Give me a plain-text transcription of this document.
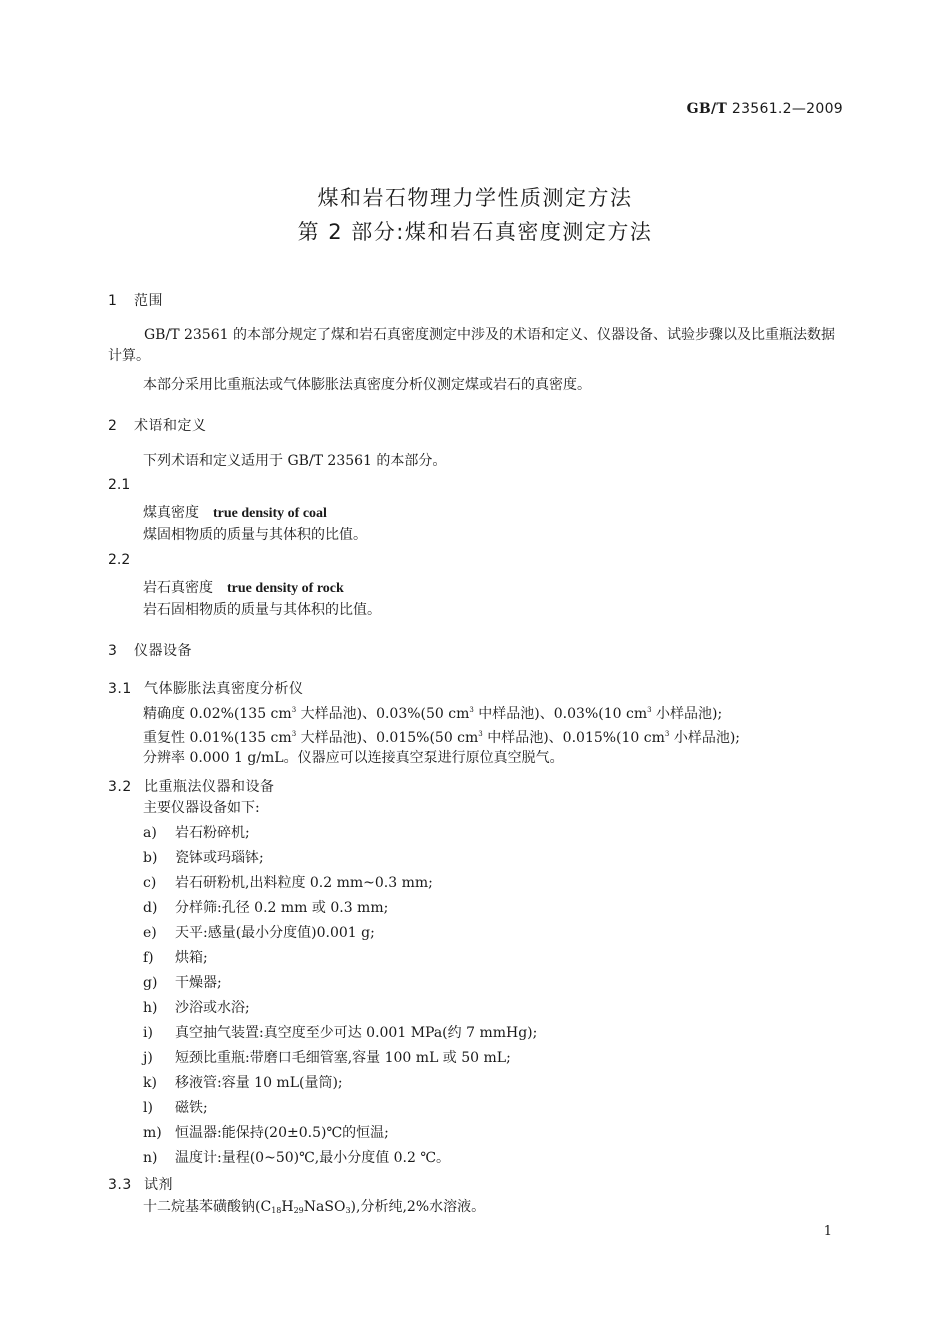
GB/T 23561.2—2009
煤和岩石物理力学性质测定方法
第 2 部分:煤和岩石真密度测定方法
1 范围
GB/T 23561 的本部分规定了煤和岩石真密度测定中涉及的术语和定义、仪器设备、试验步骤以及比重瓶法数据计算。
本部分采用比重瓶法或气体膨胀法真密度分析仪测定煤或岩石的真密度。
2 术语和定义
下列术语和定义适用于 GB/T 23561 的本部分。
2.1
煤真密度 true density of coal
煤固相物质的质量与其体积的比值。
2.2
岩石真密度 true density of rock
岩石固相物质的质量与其体积的比值。
3 仪器设备
3.1 气体膨胀法真密度分析仪
精确度 0.02%(135 $cm^3$ 大样品池)、0.03%(50 $cm^3$ 中样品池)、0.03%(10 $cm^3$ 小样品池);
重复性 0.01%(135 $cm^3$ 大样品池)、0.015%(50 $cm^3$ 中样品池)、0.015%(10 $cm^3$ 小样品池);
分辨率 0.000 1 g/mL。仪器应可以连接真空泵进行原位真空脱气。
3.2 比重瓶法仪器和设备
主要仪器设备如下:
a) 岩石粉碎机;
b) 瓷钵或玛瑙钵;
c) 岩石研粉机,出料粒度 0.2 mm~0.3 mm;
d) 分样筛:孔径 0.2 mm 或 0.3 mm;
e) 天平:感量(最小分度值)0.001 g;
f) 烘箱;
g) 干燥器;
h) 沙浴或水浴;
i) 真空抽气装置:真空度至少可达 0.001 MPa(约 7 mmHg);
j) 短颈比重瓶:带磨口毛细管塞,容量 100 mL 或 50 mL;
k) 移液管:容量 10 mL(量筒);
l) 磁铁;
m) 恒温器:能保持(20±0.5)℃的恒温;
n) 温度计:量程(0~50)℃,最小分度值 0.2 ℃。
3.3 试剂
十二烷基苯磺酸钠$(C_{18}H_{29}NaSO_3)$,分析纯,2%水溶液。
1
